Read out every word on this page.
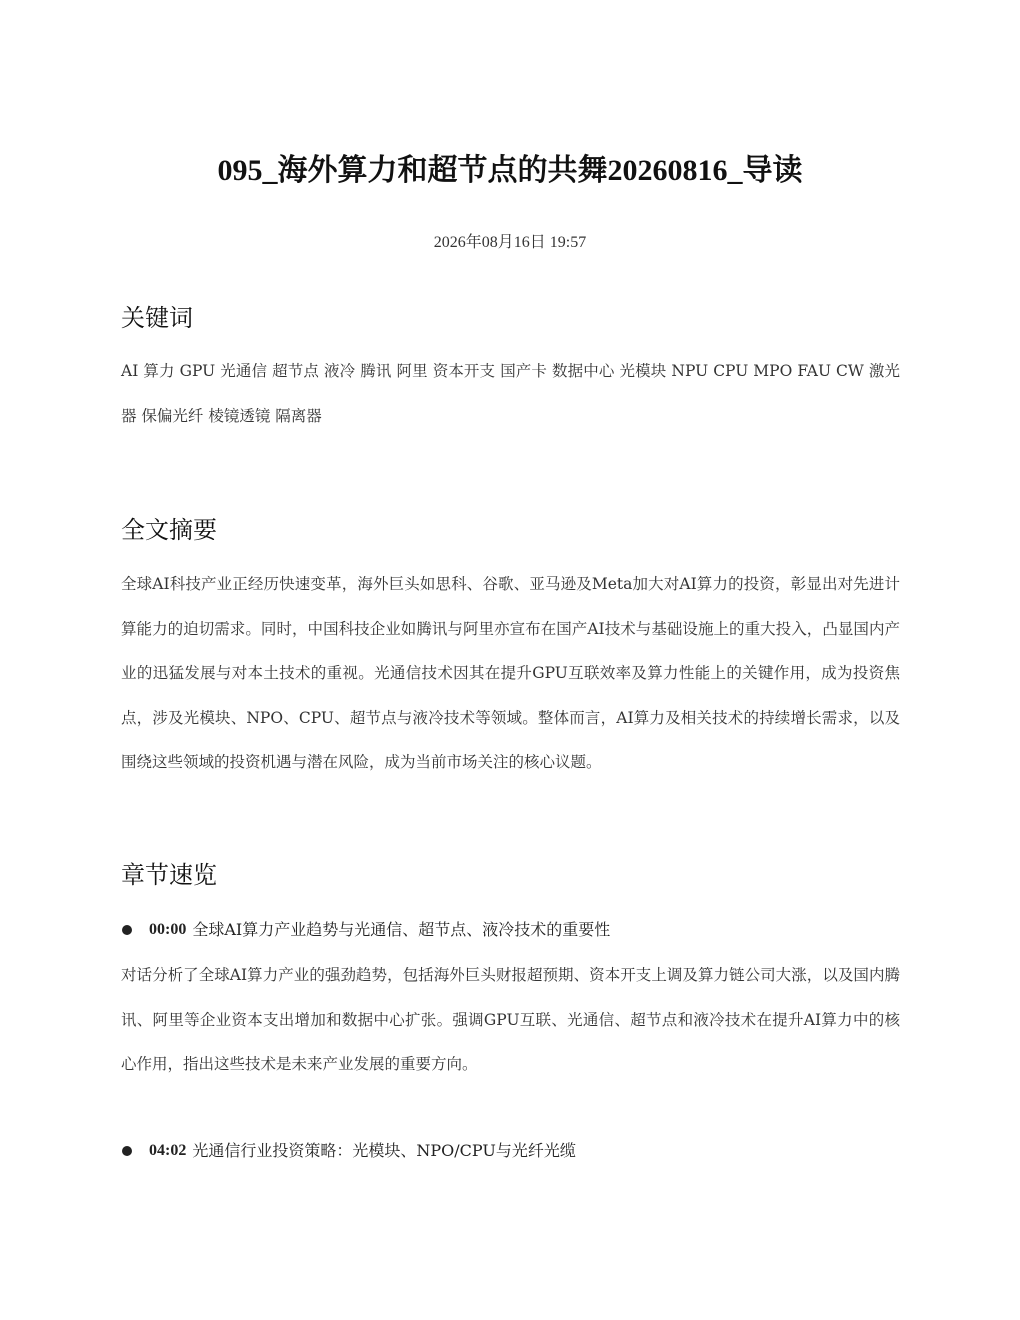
095_海外算力和超节点的共舞20260816_导读
2026年08月16日 19:57
关键词

AI 算力 GPU 光通信 超节点 液冷 腾讯 阿里 资本开支 国产卡 数据中心 光模块 NPU CPU MPO FAU CW 激光器 保偏光纤 棱镜透镜 隔离器

全文摘要

全球AI科技产业正经历快速变革，海外巨头如思科、谷歌、亚马逊及Meta加大对AI算力的投资，彰显出对先进计算能力的迫切需求。同时，中国科技企业如腾讯与阿里亦宣布在国产AI技术与基础设施上的重大投入，凸显国内产业的迅猛发展与对本土技术的重视。光通信技术因其在提升GPU互联效率及算力性能上的关键作用，成为投资焦点，涉及光模块、NPO、CPU、超节点与液冷技术等领域。整体而言，AI算力及相关技术的持续增长需求，以及围绕这些领域的投资机遇与潜在风险，成为当前市场关注的核心议题。

章节速览
00:00 全球AI算力产业趋势与光通信、超节点、液冷技术的重要性

对话分析了全球AI算力产业的强劲趋势，包括海外巨头财报超预期、资本开支上调及算力链公司大涨，以及国内腾讯、阿里等企业资本支出增加和数据中心扩张。强调GPU互联、光通信、超节点和液冷技术在提升AI算力中的核心作用，指出这些技术是未来产业发展的重要方向。

04:02 光通信行业投资策略：光模块、NPO/CPU与光纤光缆
